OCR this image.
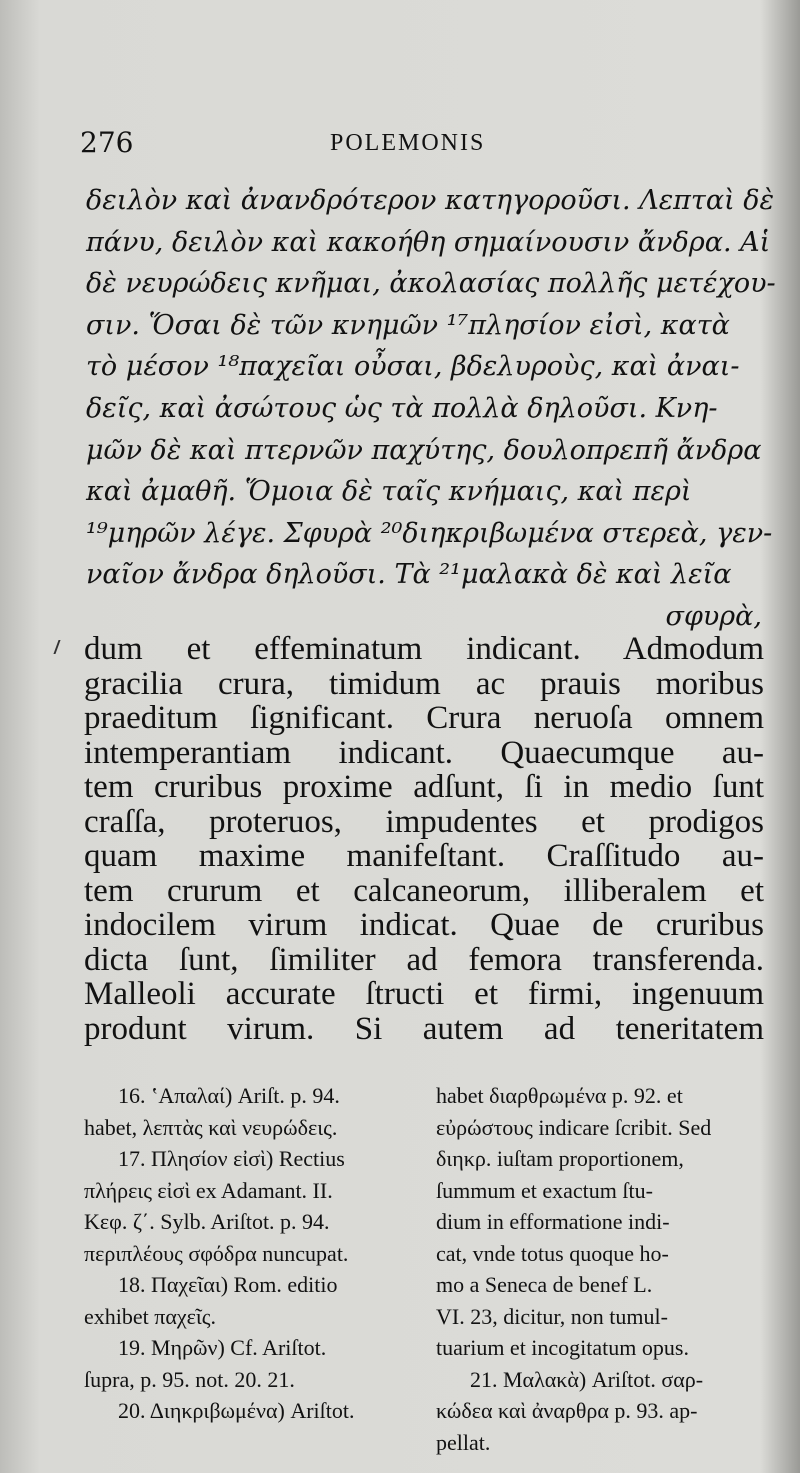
276	POLEMONIS
δειλὸν καὶ ἀνανδρότερον κατηγοροῦσι. Λεπταὶ δὲ
πάνυ, δειλὸν καὶ κακοήθη σημαίνουσιν ἄνδρα. Αἱ
δὲ νευρώδεις κνῆμαι, ἀκολασίας πολλῆς μετέχου-
σιν. Ὅσαι δὲ τῶν κνημῶν ¹⁷πλησίον εἰσὶ, κατὰ
τὸ μέσον ¹⁸παχεῖαι οὖσαι, βδελυροὺς, καὶ ἀναι-
δεῖς, καὶ ἀσώτους ὡς τὰ πολλὰ δηλοῦσι. Κνη-
μῶν δὲ καὶ πτερνῶν παχύτης, δουλοπρεπῆ ἄνδρα
καὶ ἀμαθῆ. Ὅμοια δὲ ταῖς κνήμαις, καὶ περὶ
¹⁹μηρῶν λέγε. Σφυρὰ ²⁰διηκριβωμένα στερεὰ, γεν-
ναῖον ἄνδρα δηλοῦσι. Τὰ ²¹μαλακὰ δὲ καὶ λεῖα
σφυρὰ,
dum et effeminatum indicant. Admodum
gracilia crura, timidum ac prauis moribus
praeditum ſignificant. Crura neruoſa omnem
intemperantiam indicant. Quaecumque au-
tem cruribus proxime adſunt, ſi in medio ſunt
craſſa, proteruos, impudentes et prodigos
quam maxime manifeſtant. Craſſitudo au-
tem crurum et calcaneorum, illiberalem et
indocilem virum indicat. Quae de cruribus
dicta ſunt, ſimiliter ad femora transferenda.
Malleoli accurate ſtructi et firmi, ingenuum
produnt virum. Si autem ad teneritatem
16. ʽΑπαλαί) Ariſt. p. 94.
habet, λεπτὰς καὶ νευρώδεις.
17. Πλησίον εἰσὶ) Rectius
πλήρεις εἰσὶ ex Adamant. II.
Κεφ. ζ΄. Sylb. Ariſtot. p. 94.
περιπλέους σφόδρα nuncupat.
18. Παχεῖαι) Rom. editio
exhibet παχεῖς.
19. Μηρῶν) Cf. Ariſtot.
ſupra, p. 95. not. 20. 21.
20. Διηκριβωμένα) Ariſtot.
habet διαρθρωμένα p. 92. et
εὐρώστους indicare ſcribit. Sed
διηκρ. iuſtam proportionem,
ſummum et exactum ſtu-
dium in efformatione indi-
cat, vnde totus quoque ho-
mo a Seneca de benef L.
VI. 23, dicitur, non tumul-
tuarium et incogitatum opus.
21. Μαλακὰ) Ariſtot. σαρ-
κώδεα καὶ ἀναρθρα p. 93. ap-
pellat.
